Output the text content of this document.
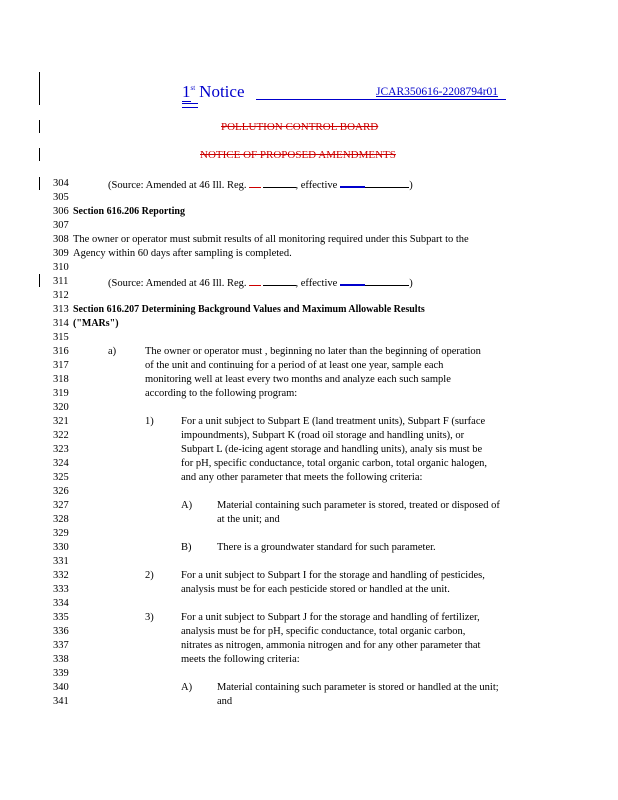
1st Notice	JCAR350616-2208794r01
POLLUTION CONTROL BOARD
NOTICE OF PROPOSED AMENDMENTS
304
305
306
307
308
309
310
311
312
313
314
315
316
317
318
319
320
321
322
323
324
325
326
327
328
329
330
331
332
333
334
335
336
337
338
339
340
341
(Source: Amended at 46 Ill. Reg.	, effective	)
Section 616.206 Reporting
The owner or operator must submit results of all monitoring required under this Subpart to the
Agency within 60 days after sampling is completed.
(Source: Amended at 46 Ill. Reg.	, effective	)
Section 616.207 Determining Background Values and Maximum Allowable Results
("MARs")
a)	The owner or operator must , beginning no later than the beginning of operation
of the unit and continuing for a period of at least one year, sample each
monitoring well at least every two months and analyze each such sample
according to the following program:
1)	For a unit subject to Subpart E (land treatment units), Subpart F (surface
impoundments), Subpart K (road oil storage and handling units), or
Subpart L (de-icing agent storage and handling units), analy sis must be
for pH, specific conductance, total organic carbon, total organic halogen,
and any other parameter that meets the following criteria:
A) Material containing such parameter is stored, treated or disposed of
at the unit; and
B) There is a groundwater standard for such parameter.
2)	For a unit subject to Subpart I for the storage and handling of pesticides,
analysis must be for each pesticide stored or handled at the unit.
3)	For a unit subject to Subpart J for the storage and handling of fertilizer,
analysis must be for pH, specific conductance, total organic carbon,
nitrates as nitrogen, ammonia nitrogen and for any other parameter that
meets the following criteria:
A) Material containing such parameter is stored or handled at the unit;
and
